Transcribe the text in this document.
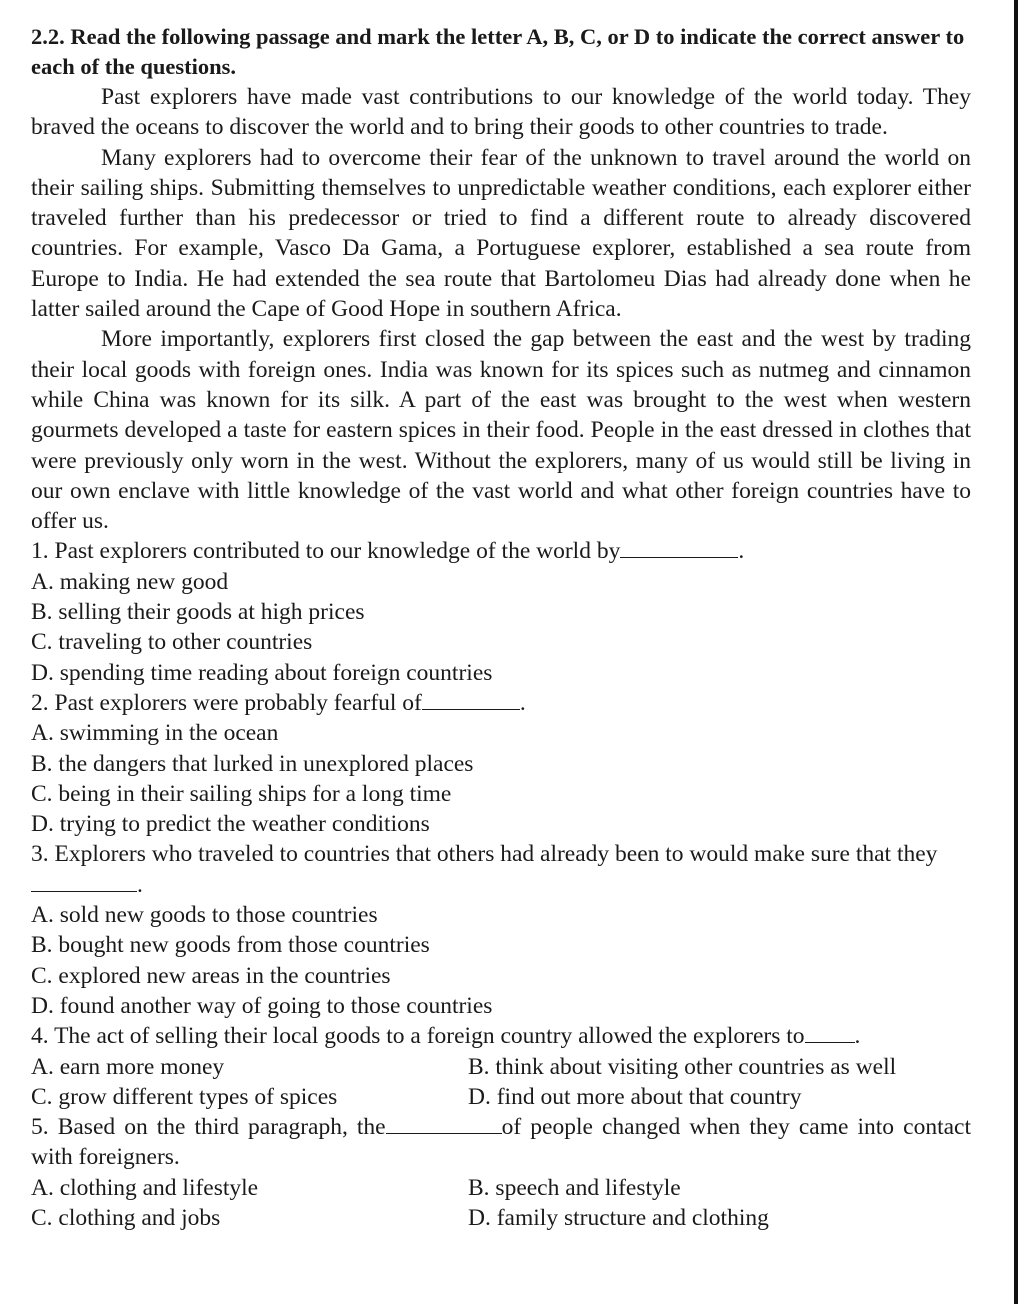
2.2. Read the following passage and mark the letter A, B, C, or D to indicate the correct answer to each of the questions.

Past explorers have made vast contributions to our knowledge of the world today. They braved the oceans to discover the world and to bring their goods to other countries to trade.

Many explorers had to overcome their fear of the unknown to travel around the world on their sailing ships. Submitting themselves to unpredictable weather conditions, each explorer either traveled further than his predecessor or tried to find a different route to already discovered countries. For example, Vasco Da Gama, a Portuguese explorer, established a sea route from Europe to India. He had extended the sea route that Bartolomeu Dias had already done when he latter sailed around the Cape of Good Hope in southern Africa.

More importantly, explorers first closed the gap between the east and the west by trading their local goods with foreign ones. India was known for its spices such as nutmeg and cinnamon while China was known for its silk. A part of the east was brought to the west when western gourmets developed a taste for eastern spices in their food. People in the east dressed in clothes that were previously only worn in the west. Without the explorers, many of us would still be living in our own enclave with little knowledge of the vast world and what other foreign countries have to offer us.

1. Past explorers contributed to our knowledge of the world by	.

A. making new good

B. selling their goods at high prices

C. traveling to other countries

D. spending time reading about foreign countries

2. Past explorers were probably fearful of	.

A. swimming in the ocean

B. the dangers that lurked in unexplored places

C. being in their sailing ships for a long time

D. trying to predict the weather conditions

3. Explorers who traveled to countries that others had already been to would make sure that they.

A. sold new goods to those countries

B. bought new goods from those countries

C. explored new areas in the countries

D. found another way of going to those countries

4. The act of selling their local goods to a foreign country allowed the explorers to .

A. earn more money	B. think about visiting other countries as well
C. grow different types of spices	D. find out more about that country

5. Based on the third paragraph, the	of people changed when they came into contact with foreigners.

A. clothing and lifestyle	B. speech and lifestyle
C. clothing and jobs	D. family structure and clothing
